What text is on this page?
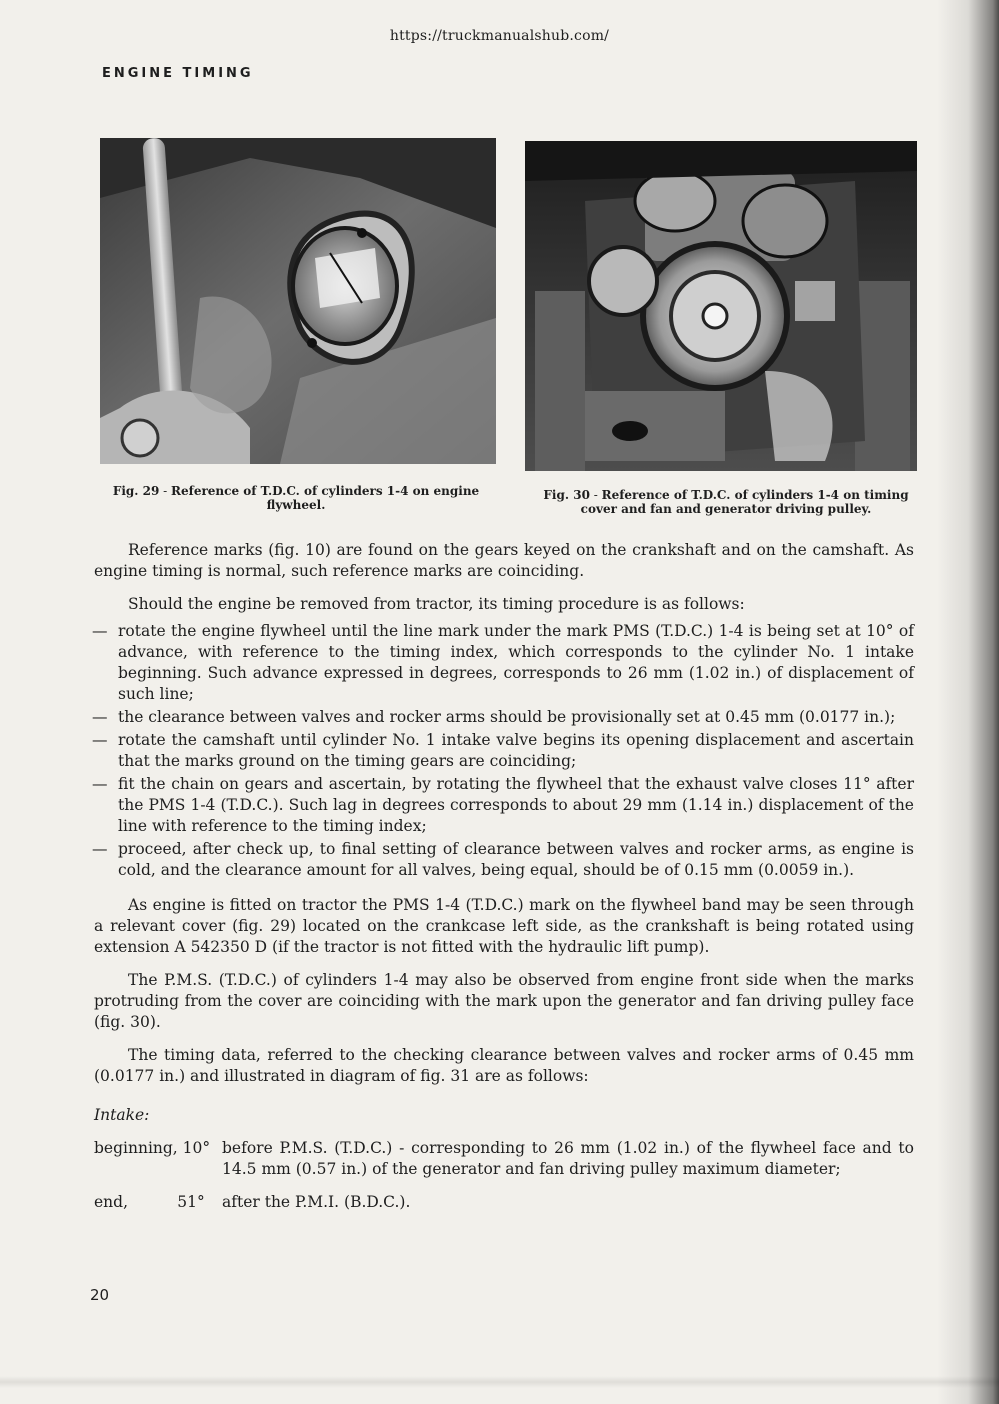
https://truckmanualshub.com/
ENGINE TIMING
Fig. 29 - Reference of T.D.C. of cylinders 1-4 on engine flywheel.
Fig. 30 - Reference of T.D.C. of cylinders 1-4 on timing cover and fan and generator driving pulley.

Reference marks (fig. 10) are found on the gears keyed on the crankshaft and on the camshaft. As engine timing is normal, such reference marks are coinciding.

Should the engine be removed from tractor, its timing procedure is as follows:

— rotate the engine flywheel until the line mark under the mark PMS (T.D.C.) 1-4 is being set at 10° of advance, with reference to the timing index, which corresponds to the cylinder No. 1 intake beginning. Such advance expressed in degrees, corresponds to 26 mm (1.02 in.) of displacement of such line;
— the clearance between valves and rocker arms should be provisionally set at 0.45 mm (0.0177 in.);
— rotate the camshaft until cylinder No. 1 intake valve begins its opening displacement and ascertain that the marks ground on the timing gears are coinciding;
— fit the chain on gears and ascertain, by rotating the flywheel that the exhaust valve closes 11° after the PMS 1-4 (T.D.C.). Such lag in degrees corresponds to about 29 mm (1.14 in.) displacement of the line with reference to the timing index;
— proceed, after check up, to final setting of clearance between valves and rocker arms, as engine is cold, and the clearance amount for all valves, being equal, should be of 0.15 mm (0.0059 in.).

As engine is fitted on tractor the PMS 1-4 (T.D.C.) mark on the flywheel band may be seen through a relevant cover (fig. 29) located on the crankcase left side, as the crankshaft is being rotated using extension A 542350 D (if the tractor is not fitted with the hydraulic lift pump).

The P.M.S. (T.D.C.) of cylinders 1-4 may also be observed from engine front side when the marks protruding from the cover are coinciding with the mark upon the generator and fan driving pulley face (fig. 30).

The timing data, referred to the checking clearance between valves and rocker arms of 0.45 mm (0.0177 in.) and illustrated in diagram of fig. 31 are as follows:

Intake:
beginning, 10° before P.M.S. (T.D.C.) - corresponding to 26 mm (1.02 in.) of the flywheel face and to 14.5 mm (0.57 in.) of the generator and fan driving pulley maximum diameter;
end,          51°	after the P.M.I. (B.D.C.).
20
